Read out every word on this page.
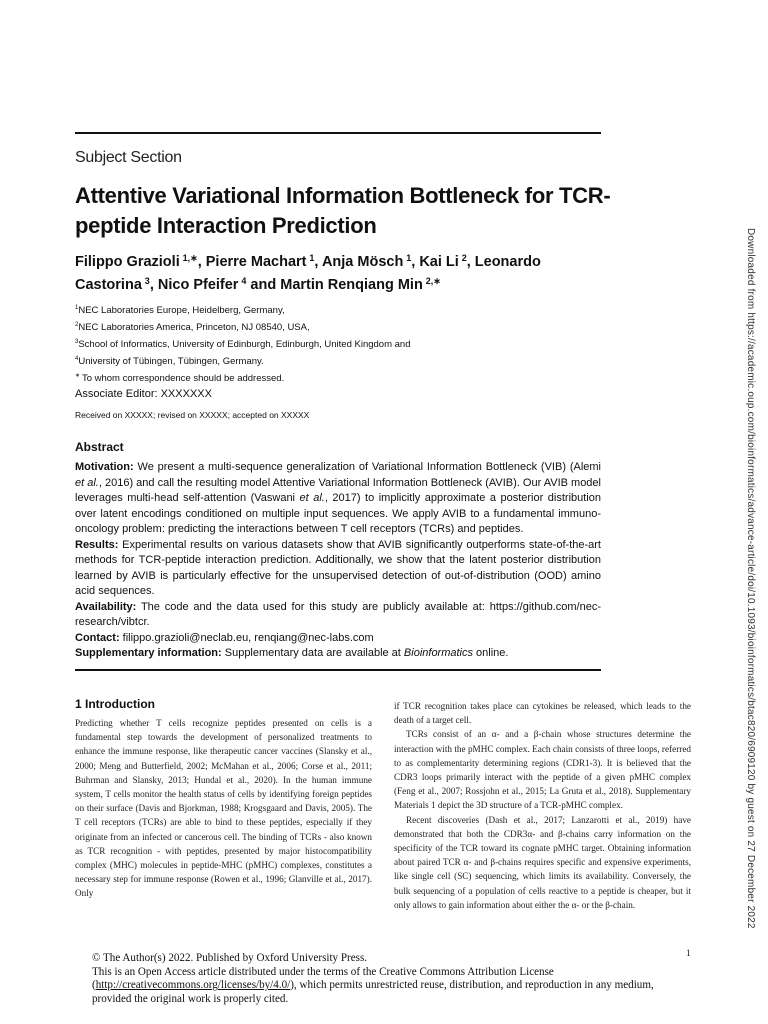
Subject Section
Attentive Variational Information Bottleneck for TCR-peptide Interaction Prediction
Filippo Grazioli  $^{1,∗}$, Pierre Machart  $^1$, Anja Mösch  $^1$, Kai Li  $^2$, Leonardo Castorina  $^3$, Nico Pfeifer  $^4$ and Martin Renqiang Min  $^{2,∗}$
$^1$NEC Laboratories Europe, Heidelberg, Germany,
$^2$NEC Laboratories America, Princeton, NJ 08540, USA,
$^3$School of Informatics, University of Edinburgh, Edinburgh, United Kingdom and
$^4$University of Tübingen, Tübingen, Germany.
∗  To whom correspondence should be addressed.
Associate Editor: XXXXXXX
Received on XXXXX; revised on XXXXX; accepted on XXXXX
Abstract

Motivation: We present a multi-sequence generalization of Variational Information Bottleneck (VIB) (Alemi et al., 2016) and call the resulting model Attentive Variational Information Bottleneck (AVIB). Our AVIB model leverages multi-head self-attention (Vaswani et al., 2017) to implicitly approximate a posterior distribution over latent encodings conditioned on multiple input sequences. We apply AVIB to a fundamental immuno-oncology problem: predicting the interactions between T cell receptors (TCRs) and peptides.

Results: Experimental results on various datasets show that AVIB significantly outperforms state-of-the-art methods for TCR-peptide interaction prediction. Additionally, we show that the latent posterior distribution learned by AVIB is particularly effective for the unsupervised detection of out-of-distribution (OOD) amino acid sequences.

Availability: The code and the data used for this study are publicly available at: https://github.com/nec-research/vibtcr.

Contact: filippo.grazioli@neclab.eu, renqiang@nec-labs.com

Supplementary information: Supplementary data are available at Bioinformatics online.

1 Introduction

Predicting whether T cells recognize peptides presented on cells is a fundamental step towards the development of personalized treatments to enhance the immune response, like therapeutic cancer vaccines (Slansky et al., 2000; Meng and Butterfield, 2002; McMahan et al., 2006; Corse et al., 2011; Buhrman and Slansky, 2013; Hundal et al., 2020). In the human immune system, T cells monitor the health status of cells by identifying foreign peptides on their surface (Davis and Bjorkman, 1988; Krogsgaard and Davis, 2005). The T cell receptors (TCRs) are able to bind to these peptides, especially if they originate from an infected or cancerous cell. The binding of TCRs - also known as TCR recognition - with peptides, presented by major histocompatibility complex (MHC) molecules in peptide-MHC (pMHC) complexes, constitutes a necessary step for immune response (Rowen et al., 1996; Glanville et al., 2017). Only

if TCR recognition takes place can cytokines be released, which leads to the death of a target cell.

TCRs consist of an α- and a β-chain whose structures determine the interaction with the pMHC complex. Each chain consists of three loops, referred to as complementarity determining regions (CDR1-3). It is believed that the CDR3 loops primarily interact with the peptide of a given pMHC complex (Feng et al., 2007; Rossjohn et al., 2015; La Gruta et al., 2018). Supplementary Materials 1 depict the 3D structure of a TCR-pMHC complex.

Recent discoveries (Dash et al., 2017; Lanzarotti et al., 2019) have demonstrated that both the CDR3α- and β-chains carry information on the specificity of the TCR toward its cognate pMHC target. Obtaining information about paired TCR α- and β-chains requires specific and expensive experiments, like single cell (SC) sequencing, which limits its availability. Conversely, the bulk sequencing of a population of cells reactive to a peptide is cheaper, but it only allows to gain information about either the α- or the β-chain.

1
© The Author(s) 2022. Published by Oxford University Press.
This is an Open Access article distributed under the terms of the Creative Commons Attribution License
(http://creativecommons.org/licenses/by/4.0/), which permits unrestricted reuse, distribution, and reproduction in any medium,
provided the original work is properly cited.
Downloaded from https://academic.oup.com/bioinformatics/advance-article/doi/10.1093/bioinformatics/btac820/6909120 by guest on 27 December 2022
